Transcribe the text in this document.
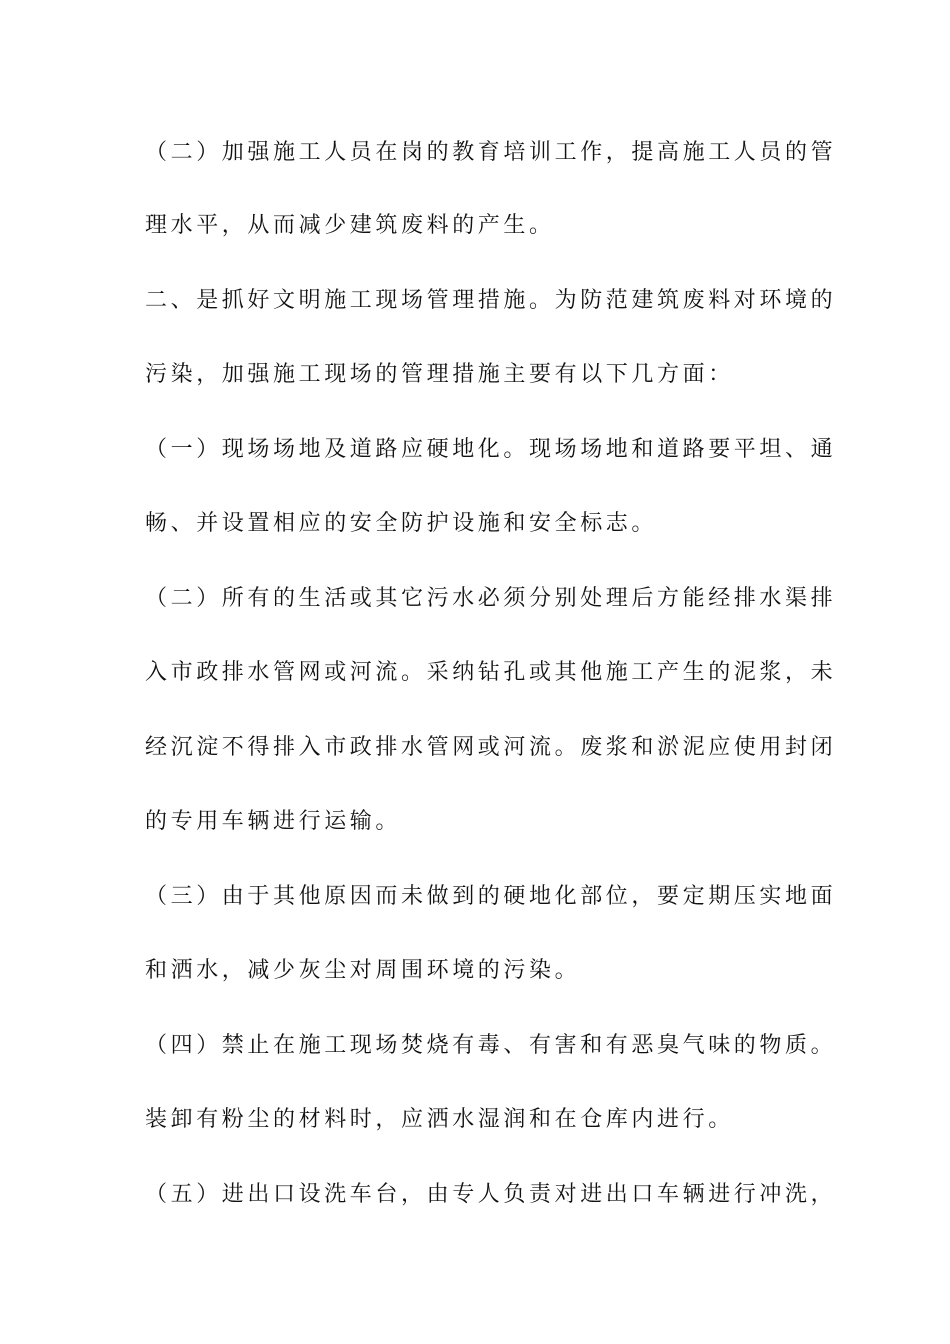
（二）加强施工人员在岗的教育培训工作，提高施工人员的管
理水平，从而减少建筑废料的产生。
二、是抓好文明施工现场管理措施。为防范建筑废料对环境的
污染，加强施工现场的管理措施主要有以下几方面：
（一）现场场地及道路应硬地化。现场场地和道路要平坦、通
畅、并设置相应的安全防护设施和安全标志。
（二）所有的生活或其它污水必须分别处理后方能经排水渠排
入市政排水管网或河流。采纳钻孔或其他施工产生的泥浆，未
经沉淀不得排入市政排水管网或河流。废浆和淤泥应使用封闭
的专用车辆进行运输。
（三）由于其他原因而未做到的硬地化部位，要定期压实地面
和洒水，减少灰尘对周围环境的污染。
（四）禁止在施工现场焚烧有毒、有害和有恶臭气味的物质。
装卸有粉尘的材料时，应洒水湿润和在仓库内进行。
（五）进出口设洗车台，由专人负责对进出口车辆进行冲洗，
